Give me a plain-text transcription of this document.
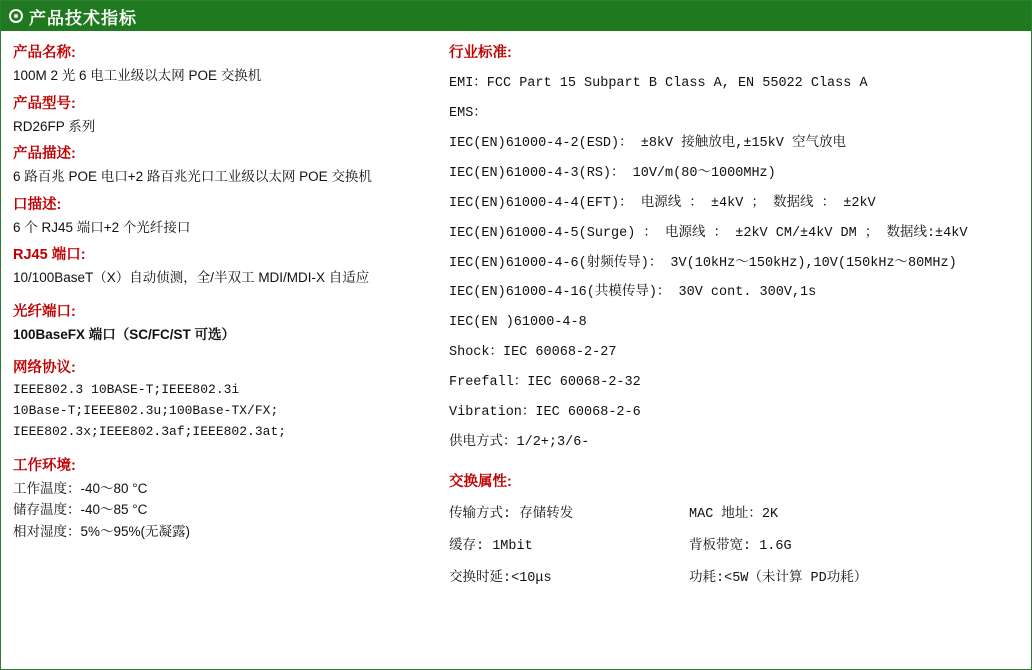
产品技术指标

产品名称:

100M 2 光 6 电工业级以太网 POE 交换机

产品型号:

RD26FP 系列

产品描述:

6 路百兆 POE 电口+2 路百兆光口工业级以太网 POE 交换机

口描述:

6 个 RJ45 端口+2 个光纤接口

RJ45 端口:

10/100BaseT（X）自动侦测，全/半双工 MDI/MDI-X 自适应

光纤端口:

100BaseFX 端口（SC/FC/ST 可选）

网络协议:

IEEE802.3 10BASE-T;IEEE802.3i

10Base-T;IEEE802.3u;100Base-TX/FX;

IEEE802.3x;IEEE802.3af;IEEE802.3at;

工作环境:

工作温度：-40～80 °C

储存温度：-40～85 °C

相对湿度：5%～95%(无凝露)

行业标准:

EMI：FCC Part 15 Subpart B Class A, EN 55022 Class A

EMS：

IEC(EN)61000-4-2(ESD)： ±8kV 接触放电,±15kV 空气放电

IEC(EN)61000-4-3(RS)： 10V/m(80～1000MHz)

IEC(EN)61000-4-4(EFT)： 电源线 ： ±4kV ； 数据线 ： ±2kV

IEC(EN)61000-4-5(Surge) ： 电源线 ： ±2kV CM/±4kV DM ； 数据线:±4kV

IEC(EN)61000-4-6(射频传导)： 3V(10kHz～150kHz),10V(150kHz～80MHz)

IEC(EN)61000-4-16(共模传导)： 30V cont. 300V,1s

IEC(EN )61000-4-8

Shock：IEC 60068-2-27

Freefall：IEC 60068-2-32

Vibration：IEC 60068-2-6

供电方式：1/2+;3/6-

交换属性:

传输方式: 存储转发	MAC 地址：2K
缓存: 1Mbit	背板带宽: 1.6G
交换时延:<10μs	功耗:<5W（未计算 PD功耗）
